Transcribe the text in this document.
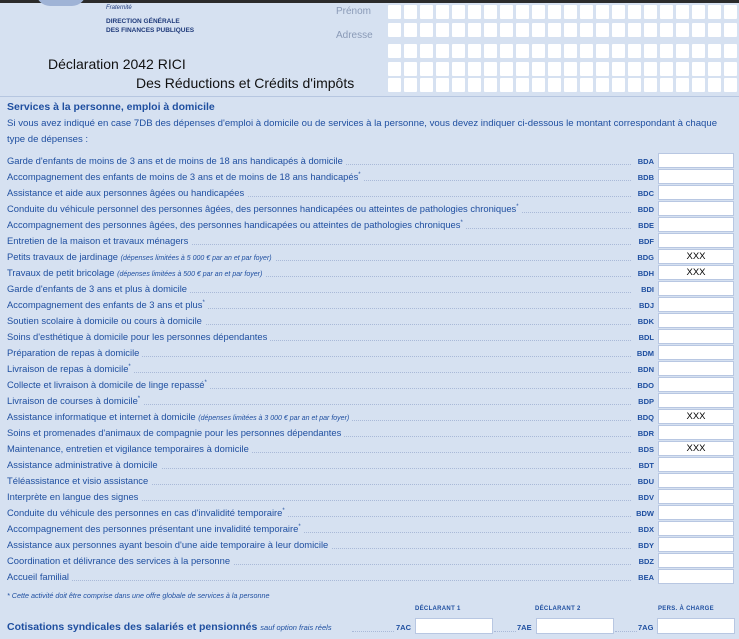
Fraternité
DIRECTION GÉNÉRALE
DES FINANCES PUBLIQUES
Prénom
Adresse
Déclaration 2042 RICI
Des Réductions et Crédits d'impôts
Services à la personne, emploi à domicile
Si vous avez indiqué en case 7DB des dépenses d'emploi à domicile ou de services à la personne, vous devez indiquer ci-dessous le montant correspondant à chaque type de dépenses :
Garde d'enfants de moins de 3 ans et de moins de 18 ans handicapés à domicile	BDA
Accompagnement des enfants de moins de 3 ans et de moins de 18 ans handicapés*	BDB
Assistance et aide aux personnes âgées ou handicapées	BDC
Conduite du véhicule personnel des personnes âgées, des personnes handicapées ou atteintes de pathologies chroniques*	BDD
Accompagnement des personnes âgées, des personnes handicapées ou atteintes de pathologies chroniques*	BDE
Entretien de la maison et travaux ménagers	BDF
Petits travaux de jardinage (dépenses limitées à 5 000 € par an et par foyer)	BDG	XXX
Travaux de petit bricolage (dépenses limitées à 500 € par an et par foyer)	BDH	XXX
Garde d'enfants de 3 ans et plus à domicile	BDI
Accompagnement des enfants de 3 ans et plus*	BDJ
Soutien scolaire à domicile ou cours à domicile	BDK
Soins d'esthétique à domicile pour les personnes dépendantes	BDL
Préparation de repas à domicile	BDM
Livraison de repas à domicile*	BDN
Collecte et livraison à domicile de linge repassé*	BDO
Livraison de courses à domicile*	BDP
Assistance informatique et internet à domicile (dépenses limitées à 3 000 € par an et par foyer)	BDQ	XXX
Soins et promenades d'animaux de compagnie pour les personnes dépendantes	BDR
Maintenance, entretien et vigilance temporaires à domicile	BDS	XXX
Assistance administrative à domicile	BDT
Téléassistance et visio assistance	BDU
Interprète en langue des signes	BDV
Conduite du véhicule des personnes en cas d'invalidité temporaire*	BDW
Accompagnement des personnes présentant une invalidité temporaire*	BDX
Assistance aux personnes ayant besoin d'une aide temporaire à leur domicile	BDY
Coordination et délivrance des services à la personne	BDZ
Accueil familial	BEA
* Cette activité doit être comprise dans une offre globale de services à la personne
DÉCLARANT 1	DÉCLARANT 2	PERS. À CHARGE
Cotisations syndicales des salariés et pensionnés sauf option frais réels	7AC	7AE	7AG
